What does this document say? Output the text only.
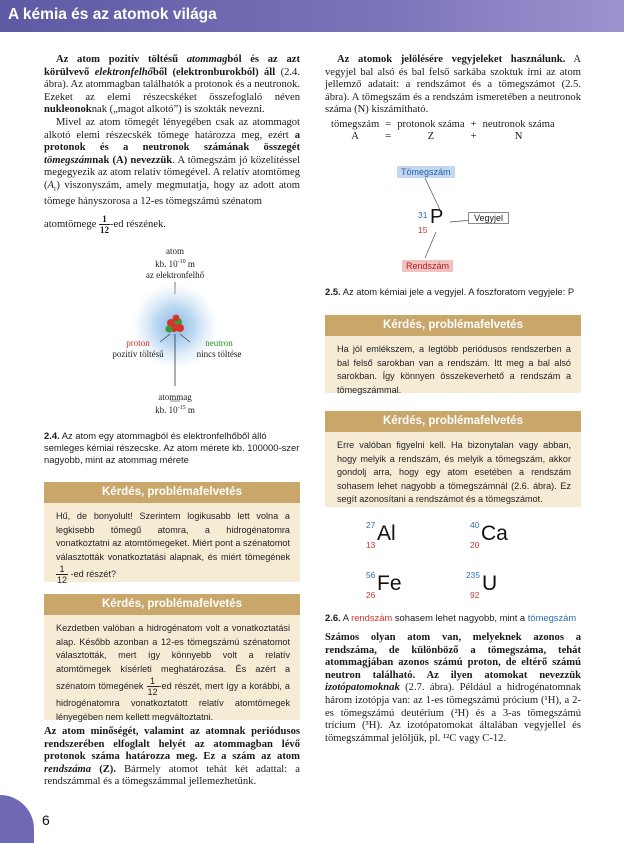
A kémia és az atomok világa

Az atom pozitív töltésű atommagból és az azt körülvevő elektronfelhőből (elektronburokból) áll (2.4. ábra). Az atommagban találhatók a protonok és a neutronok. Ezeket az elemi részecskéket összefoglaló néven nukleonoknak („magot alkotó”) is szokták nevezni.

Mivel az atom tömegét lényegében csak az atommagot alkotó elemi részecskék tömege határozza meg, ezért a protonok és a neutronok számának összegét tömegszámnak (A) nevezzük. A tömegszám jó közelítéssel megegyezik az atom relatív tömegével. A relatív atomtömeg $(A_r)$ viszonyszám, amely megmutatja, hogy az adott atom tömege hányszorosa a 12-es tömegszámú szénatom

atomtömege $\frac{1}{12} -ed$ részének.

atom
kb. $10^{-10}$ m
az elektronfelhő
proton
pozitív töltésű
neutron
nincs töltése
atommag
kb. $10^{-15}$ m
2.4. Az atom egy atommagból és elektronfelhőből álló semleges kémiai részecske. Az atom mérete kb. 100000-szer nagyobb, mint az atommag mérete
Kérdés, problémafelvetés
Hű, de bonyolult! Szerintem logikusabb lett volna a legkisebb tömegű atomra, a hidrogénatomra vonatkoztatni az atomtömegeket. Miért pont a szénatomot választották vonatkoztatási alapnak, és miért tömegének
$\frac{1}{12} -ed$ részét?
Kérdés, problémafelvetés
Kezdetben valóban a hidrogénatom volt a vonatkoztatási alap. Később azonban a 12-es tömegszámú szénatomot választották, mert így könnyebb volt a relatív atomtömegek kísérleti meghatározása. És azért a szénatom tömegének $\frac{1}{12} -ed$ részét, mert így a korábbi, a hidrogénatomra vonatkoztatott relatív atomtömegek lényegében nem kellett megváltoztatni.

Az atom minőségét, valamint az atomnak periódusos rendszerében elfoglalt helyét az atommagban lévő protonok száma határozza meg. Ez a szám az atom rendszáma (Z). Bármely atomot tehát két adattal: a rendszámmal és a tömegszámmal jellemezhetünk.

Az atomok jelölésére vegyjeleket használunk. A vegyjel bal alsó és bal felső sarkába szoktuk írni az atom jellemző adatait: a rendszámot és a tömegszámot (2.5. ábra). A tömegszám és a rendszám ismeretében a neutronok száma (N) kiszámítható.

tömegszám	=	protonok száma	+	neutronok száma
A	=	Z	+	N
Tömegszám
31
15
P	Vegyjel
Rendszám
2.5. Az atom kémiai jele a vegyjel. A foszforatom vegyjele: P
Kérdés, problémafelvetés
Ha jól emlékszem, a legtöbb periódusos rendszerben a bal felső sarokban van a rendszám. Itt meg a bal alsó sarokban. Így könnyen összekeverhető a rendszám a tömegszámmal.
Kérdés, problémafelvetés
Erre valóban figyelni kell. Ha bizonytalan vagy abban, hogy melyik a rendszám, és melyik a tömegszám, akkor gondolj arra, hogy egy atom esetében a rendszám sohasem lehet nagyobb a tömegszámnál (2.6. ábra). Ez segít azonosítani a rendszámot és a tömegszámot.
27
13 Al	40
20 Ca
56
26 Fe	235
92 U
2.6. A rendszám sohasem lehet nagyobb, mint a tömegszám

Számos olyan atom van, melyeknek azonos a rendszáma, de különböző a tömegszáma, tehát atommagjában azonos számú proton, de eltérő számú neutron található. Az ilyen atomokat nevezzük izotópatomoknak (2.7. ábra). Például a hidrogénatomnak három izotópja van: az 1-es tömegszámú prócium (¹H), a 2-es tömegszámú deutérium (²H) és a 3-as tömegszámú trícium (³H). Az izotópatomokat általában vegyjellel és tömegszámmal jelöljük, pl. ¹²C vagy C-12.

6
